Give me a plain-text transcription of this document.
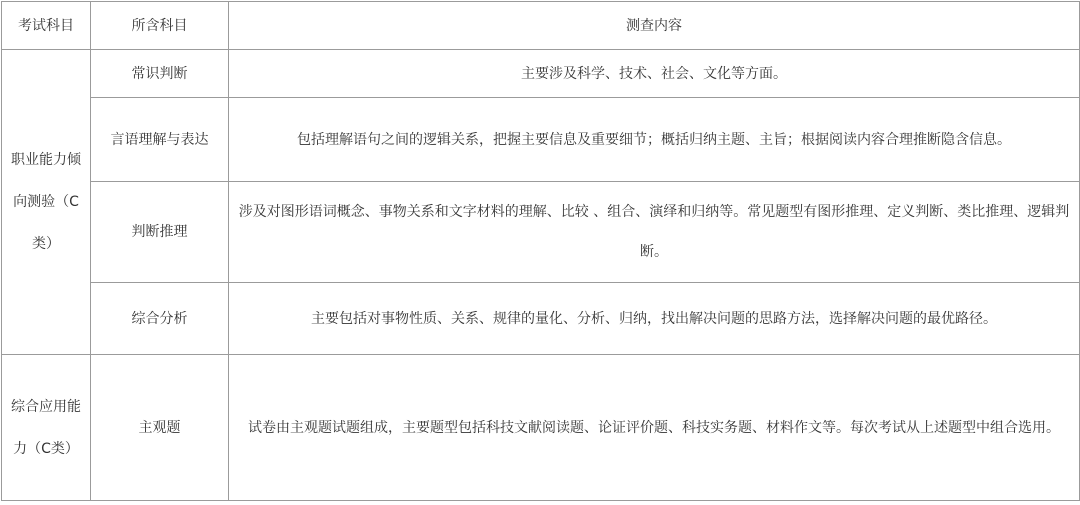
考试科目	所含科目	测查内容
职业能力倾向测验（C类）	常识判断	主要涉及科学、技术、社会、文化等方面。
	言语理解与表达	包括理解语句之间的逻辑关系，把握主要信息及重要细节；概括归纳主题、主旨；根据阅读内容合理推断隐含信息。
	判断推理	涉及对图形语词概念、事物关系和文字材料的理解、比较 、组合、演绎和归纳等。常见题型有图形推理、定义判断、类比推理、逻辑判断。
	综合分析	主要包括对事物性质、关系、规律的量化、分析、归纳，找出解决问题的思路方法，选择解决问题的最优路径。
综合应用能力（C类）	主观题	试卷由主观题试题组成，主要题型包括科技文献阅读题、论证评价题、科技实务题、材料作文等。每次考试从上述题型中组合选用。
